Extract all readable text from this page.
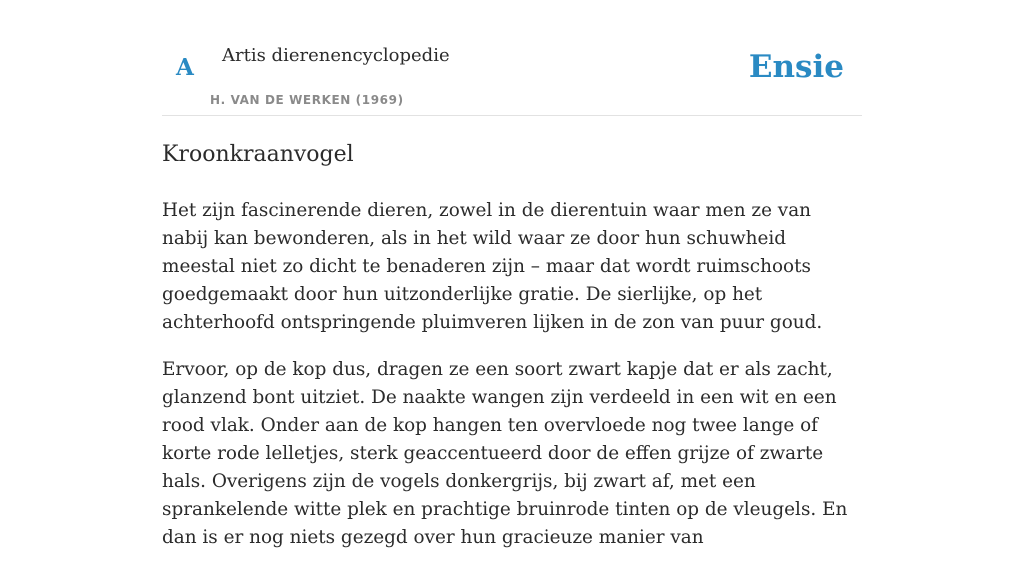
A Artis dierenencyclopedie
H. VAN DE WERKEN (1969)
Ensie
Kroonkraanvogel

Het zijn fascinerende dieren, zowel in de dierentuin waar men ze van nabij kan bewonderen, als in het wild waar ze door hun schuwheid meestal niet zo dicht te benaderen zijn – maar dat wordt ruimschoots goedgemaakt door hun uitzonderlijke gratie. De sierlijke, op het achterhoofd ontspringende pluimveren lijken in de zon van puur goud.

Ervoor, op de kop dus, dragen ze een soort zwart kapje dat er als zacht, glanzend bont uitziet. De naakte wangen zijn verdeeld in een wit en een rood vlak. Onder aan de kop hangen ten overvloede nog twee lange of korte rode lelletjes, sterk geaccentueerd door de effen grijze of zwarte hals. Overigens zijn de vogels donkergrijs, bij zwart af, met een sprankelende witte plek en prachtige bruinrode tinten op de vleugels. En dan is er nog niets gezegd over hun gracieuze manier van
